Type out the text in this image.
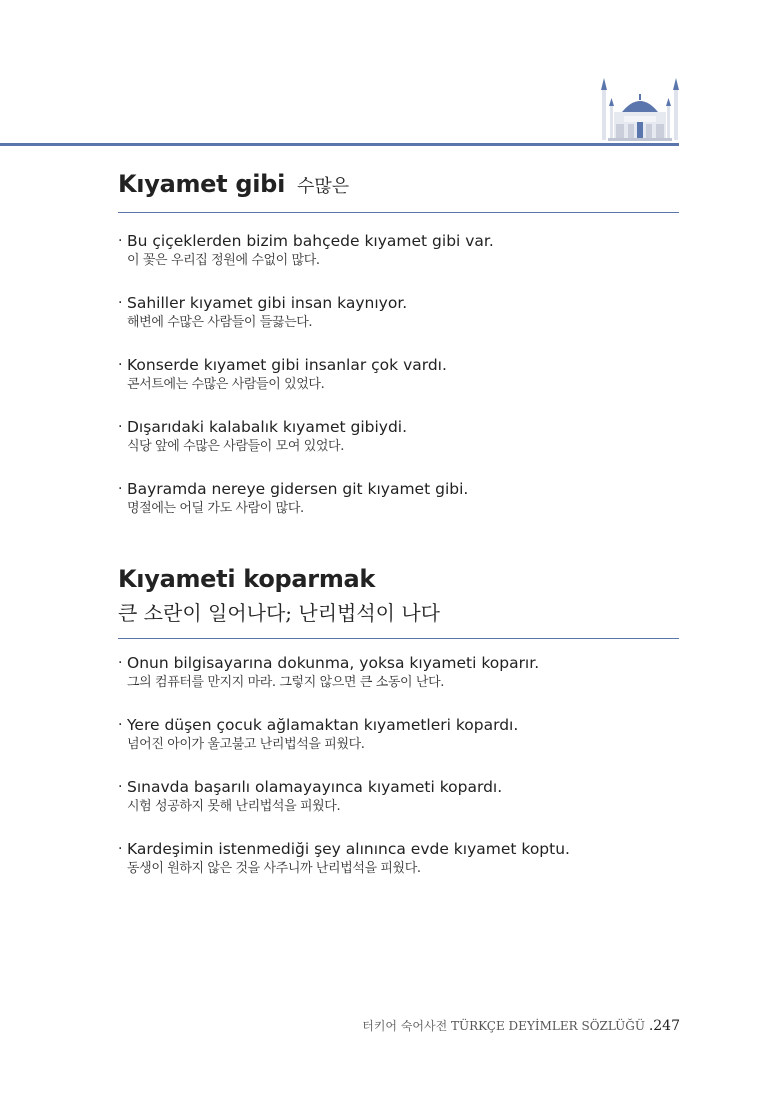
Kıyamet gibi 수많은
· Bu çiçeklerden bizim bahçede kıyamet gibi var.
이 꽃은 우리집 정원에 수없이 많다.
· Sahiller kıyamet gibi insan kaynıyor.
해변에 수많은 사람들이 들끓는다.
· Konserde kıyamet gibi insanlar çok vardı.
콘서트에는 수많은 사람들이 있었다.
· Dışarıdaki kalabalık kıyamet gibiydi.
식당 앞에 수많은 사람들이 모여 있었다.
· Bayramda nereye gidersen git kıyamet gibi.
명절에는 어딜 가도 사람이 많다.
Kıyameti koparmak
큰 소란이 일어나다; 난리법석이 나다
· Onun bilgisayarına dokunma, yoksa kıyameti koparır.
그의 컴퓨터를 만지지 마라. 그렇지 않으면 큰 소동이 난다.
· Yere düşen çocuk ağlamaktan kıyametleri kopardı.
넘어진 아이가 울고불고 난리법석을 피웠다.
· Sınavda başarılı olamayayınca kıyameti kopardı.
시험 성공하지 못해 난리법석을 피웠다.
· Kardeşimin istenmediği şey alınınca evde kıyamet koptu.
동생이 원하지 않은 것을 사주니까 난리법석을 피웠다.
터키어 숙어사전 TÜRKÇE DEYİMLER SÖZLÜĞÜ .247
